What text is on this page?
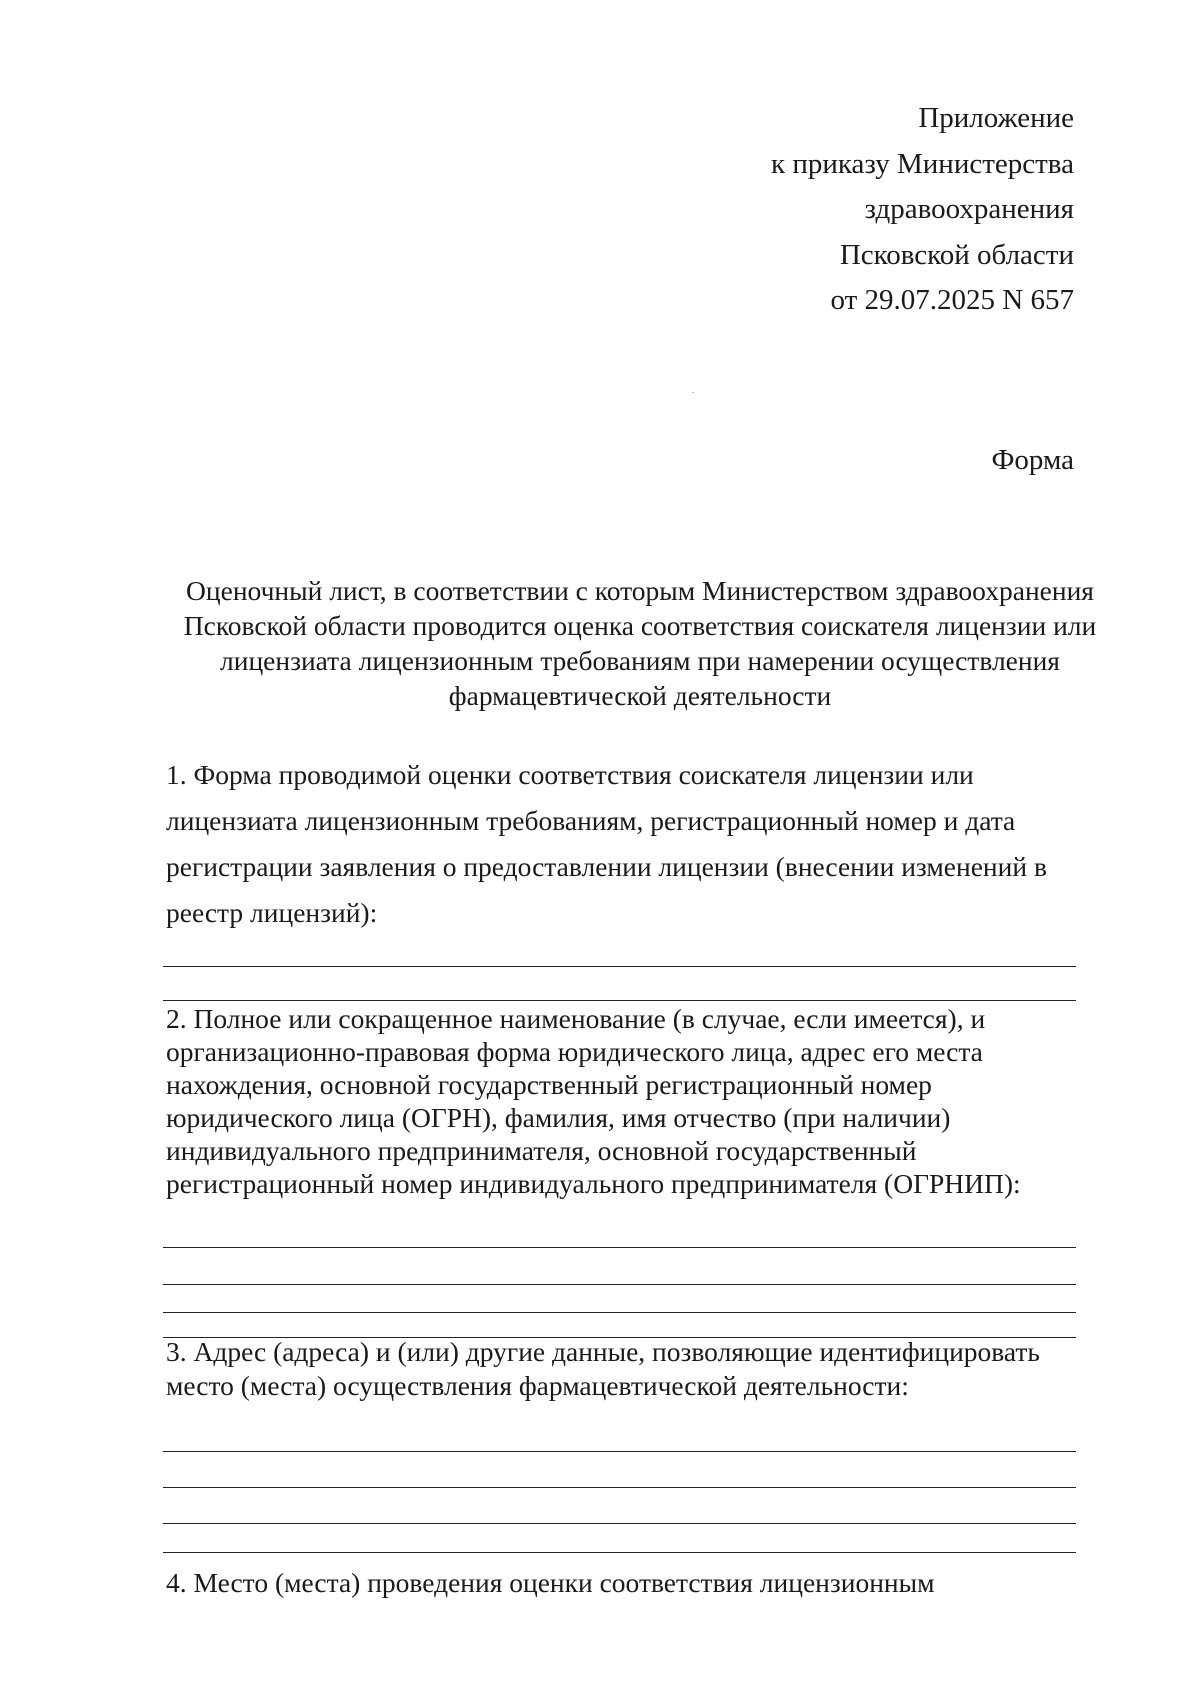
Приложение
к приказу Министерства
здравоохранения
Псковской области
от 29.07.2025 N 657
Форма
Оценочный лист, в соответствии с которым Министерством здравоохранения
Псковской области проводится оценка соответствия соискателя лицензии или
лицензиата лицензионным требованиям при намерении осуществления
фармацевтической деятельности
1. Форма проводимой оценки соответствия соискателя лицензии или
лицензиата лицензионным требованиям, регистрационный номер и дата
регистрации заявления о предоставлении лицензии (внесении изменений в
реестр лицензий):
2. Полное или сокращенное наименование (в случае, если имеется), и
организационно-правовая форма юридического лица, адрес его места
нахождения, основной государственный регистрационный номер
юридического лица (ОГРН), фамилия, имя отчество (при наличии)
индивидуального предпринимателя, основной государственный
регистрационный номер индивидуального предпринимателя (ОГРНИП):
3. Адрес (адреса) и (или) другие данные, позволяющие идентифицировать
место (места) осуществления фармацевтической деятельности:
4. Место (места) проведения оценки соответствия лицензионным
